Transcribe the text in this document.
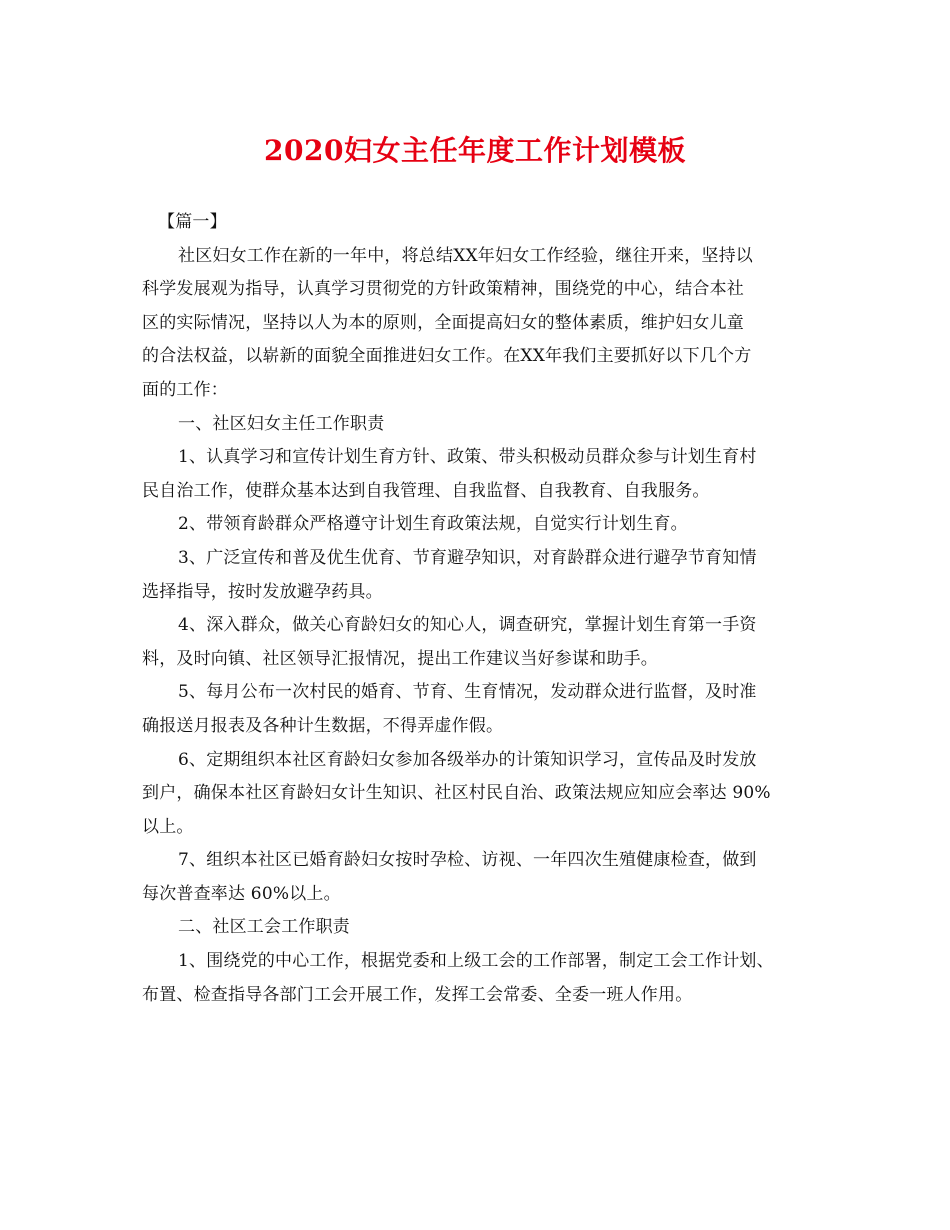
2020妇女主任年度工作计划模板
【篇一】
社区妇女工作在新的一年中，将总结XX年妇女工作经验，继往开来，坚持以
科学发展观为指导，认真学习贯彻党的方针政策精神，围绕党的中心，结合本社
区的实际情况，坚持以人为本的原则，全面提高妇女的整体素质，维护妇女儿童
的合法权益，以崭新的面貌全面推进妇女工作。在XX年我们主要抓好以下几个方
面的工作：
一、社区妇女主任工作职责
1、认真学习和宣传计划生育方针、政策、带头积极动员群众参与计划生育村
民自治工作，使群众基本达到自我管理、自我监督、自我教育、自我服务。
2、带领育龄群众严格遵守计划生育政策法规，自觉实行计划生育。
3、广泛宣传和普及优生优育、节育避孕知识，对育龄群众进行避孕节育知情
选择指导，按时发放避孕药具。
4、深入群众，做关心育龄妇女的知心人，调查研究，掌握计划生育第一手资
料，及时向镇、社区领导汇报情况，提出工作建议当好参谋和助手。
5、每月公布一次村民的婚育、节育、生育情况，发动群众进行监督，及时准
确报送月报表及各种计生数据，不得弄虚作假。
6、定期组织本社区育龄妇女参加各级举办的计策知识学习，宣传品及时发放
到户，确保本社区育龄妇女计生知识、社区村民自治、政策法规应知应会率达 90%
以上。
7、组织本社区已婚育龄妇女按时孕检、访视、一年四次生殖健康检查，做到
每次普查率达 60%以上。
二、社区工会工作职责
1、围绕党的中心工作，根据党委和上级工会的工作部署，制定工会工作计划、
布置、检查指导各部门工会开展工作，发挥工会常委、全委一班人作用。
